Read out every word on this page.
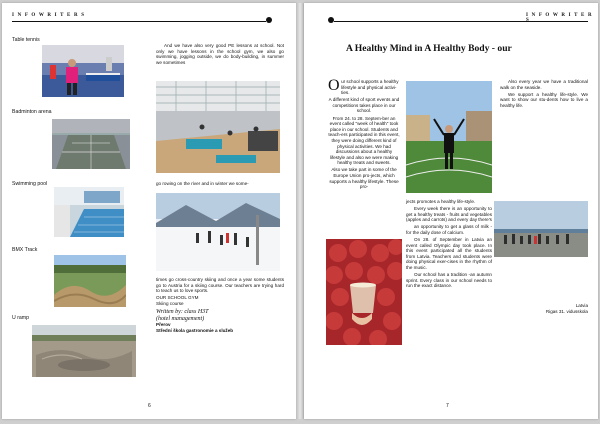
I N F O W R I T E R S
Table tennis
Badminton arena
Swimming pool
BMX Track
U ramp
And we have also very good PE lessons at school. Not only we have lessons in the school gym, we also go swimming, jogging outside, we do body-building, in summer we sometimes
go rowing on the river and in winter we some-

times go cross-country skiing and once a year some students go to Austria for a skiing course. Our teachers are trying hard to teach us to love sports.

OUR SCHOOL GYM
Skiing course
Written by: class H3T
(hotel management)
Přerov
Střední škola gastronomie a služeb
6
I N F O W R I T E R S
A Healthy Mind in A Healthy Body - our

Our school supports a healthy lifestyle and physical activi-ties.

A different kind of sport events and competitions takes place in our school.

From 24. to 28. Septem-ber an event called "week of health" took place in our school. Students and teach-ers participated in this event, they were doing different kind of physical activities. We had discussions about a healthy lifestyle and also we were making healthy treats and sweets.

Also we take part in some of the Europe Union pro-jects, which supports a healthy lifestyle. These pro-

jects promotes a healthy life-style.

Every week there is an opportunity to get a healthy treats - fruits and vegetables (apples and carrots) and every day there's

an opportunity to get a glass of milk - for the daily dose of calcium.

On 28. of September in Latvia an event called Olympic day took place. In this event participated all the students from Latvia. Teachers and students were doing physical exer-cises in the rhythm of the music.

Our school has a tradition -an autumn sprint. Every class in our school needs to run the exact distance.

Also every year we have a traditional walk on the seaside.

We support a healthy life-style. We want to show our stu-dents how to live a healthy life.

Latvia
Rigas 31. vidusskola
7
